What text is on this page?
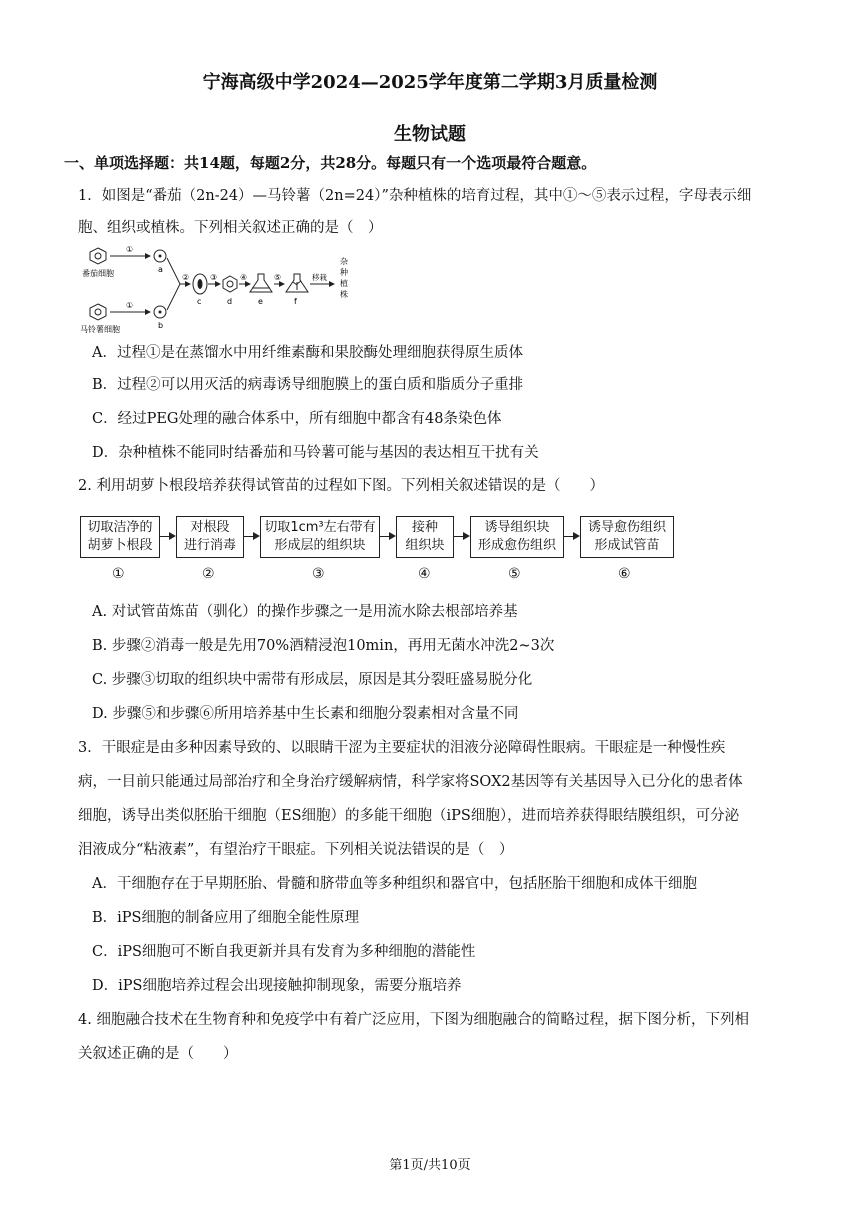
宁海高级中学2024—2025学年度第二学期3月质量检测
生物试题
一、单项选择题：共14题，每题2分，共28分。每题只有一个选项最符合题意。
1．如图是“番茄（2n-24）—马铃薯（2n=24）”杂种植株的培育过程，其中①～⑤表示过程，字母表示细
胞、组织或植株。下列相关叙述正确的是（　）
番茄细胞
①
a
马铃薯细胞
①
b
②
c
③
d
④
e
⑤
f
移栽
杂
种
植
株
A．过程①是在蒸馏水中用纤维素酶和果胶酶处理细胞获得原生质体
B．过程②可以用灭活的病毒诱导细胞膜上的蛋白质和脂质分子重排
C．经过PEG处理的融合体系中，所有细胞中都含有48条染色体
D．杂种植株不能同时结番茄和马铃薯可能与基因的表达相互干扰有关
2. 利用胡萝卜根段培养获得试管苗的过程如下图。下列相关叙述错误的是（　　）
切取洁净的
胡萝卜根段
对根段
进行消毒
切取1cm³左右带有
形成层的组织块
接种
组织块
诱导组织块
形成愈伤组织
诱导愈伤组织
形成试管苗
①	②	③	④	⑤	⑥
A. 对试管苗炼苗（驯化）的操作步骤之一是用流水除去根部培养基
B. 步骤②消毒一般是先用70%酒精浸泡10min，再用无菌水冲洗2~3次
C. 步骤③切取的组织块中需带有形成层，原因是其分裂旺盛易脱分化
D. 步骤⑤和步骤⑥所用培养基中生长素和细胞分裂素相对含量不同
3．干眼症是由多种因素导致的、以眼睛干涩为主要症状的泪液分泌障碍性眼病。干眼症是一种慢性疾
病，一目前只能通过局部治疗和全身治疗缓解病情，科学家将SOX2基因等有关基因导入已分化的患者体
细胞，诱导出类似胚胎干细胞（ES细胞）的多能干细胞（iPS细胞），进而培养获得眼结膜组织，可分泌
泪液成分“粘液素”，有望治疗干眼症。下列相关说法错误的是（　）
A．干细胞存在于早期胚胎、骨髓和脐带血等多种组织和器官中，包括胚胎干细胞和成体干细胞
B．iPS细胞的制备应用了细胞全能性原理
C．iPS细胞可不断自我更新并具有发育为多种细胞的潜能性
D．iPS细胞培养过程会出现接触抑制现象，需要分瓶培养
4. 细胞融合技术在生物育种和免疫学中有着广泛应用，下图为细胞融合的简略过程，据下图分析，下列相
关叙述正确的是（　　）
第1页/共10页
